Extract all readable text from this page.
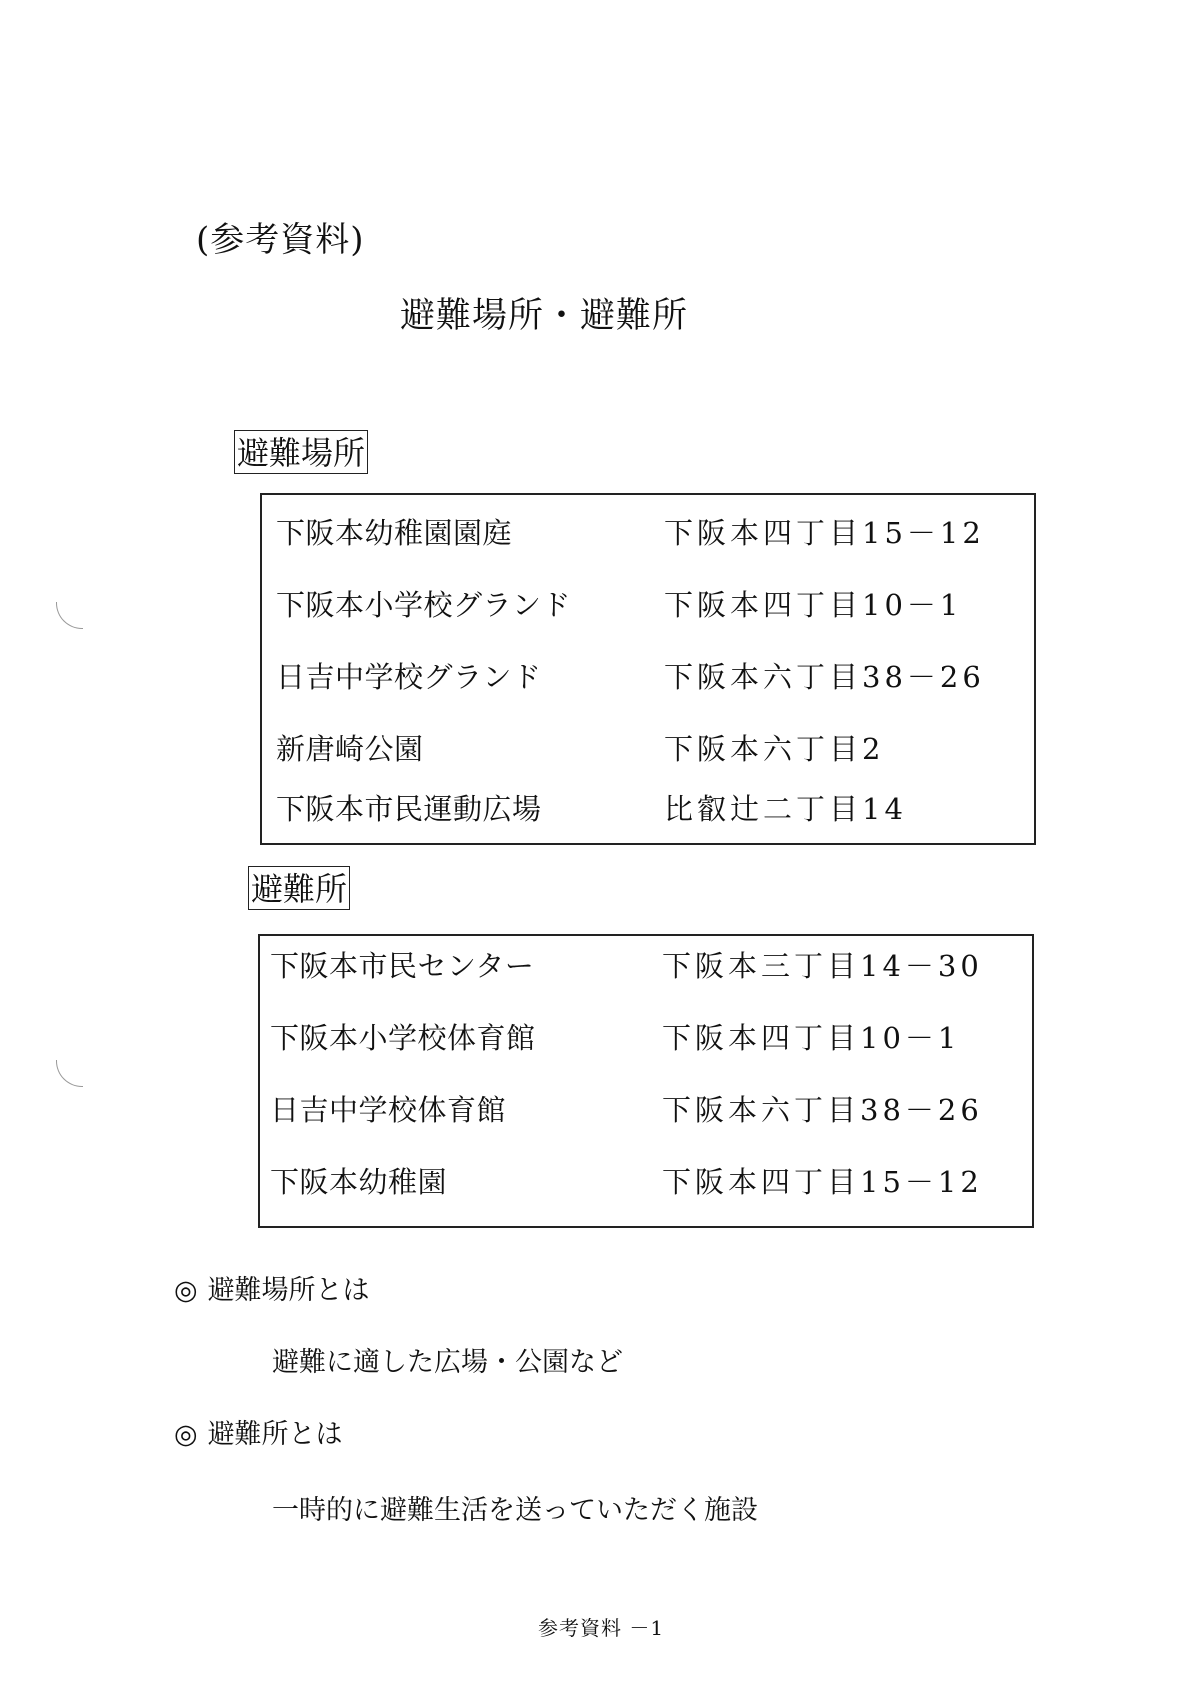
(参考資料)
避難場所・避難所
避難場所
下阪本幼稚園園庭	下阪本四丁目15－12
下阪本小学校グランド	下阪本四丁目10－1
日吉中学校グランド	下阪本六丁目38－26
新唐崎公園	下阪本六丁目2
下阪本市民運動広場	比叡辻二丁目14
避難所
下阪本市民センター	下阪本三丁目14－30
下阪本小学校体育館	下阪本四丁目10－1
日吉中学校体育館	下阪本六丁目38－26
下阪本幼稚園	下阪本四丁目15－12
◎ 避難場所とは
避難に適した広場・公園など
◎ 避難所とは
一時的に避難生活を送っていただく施設
参考資料 －1
